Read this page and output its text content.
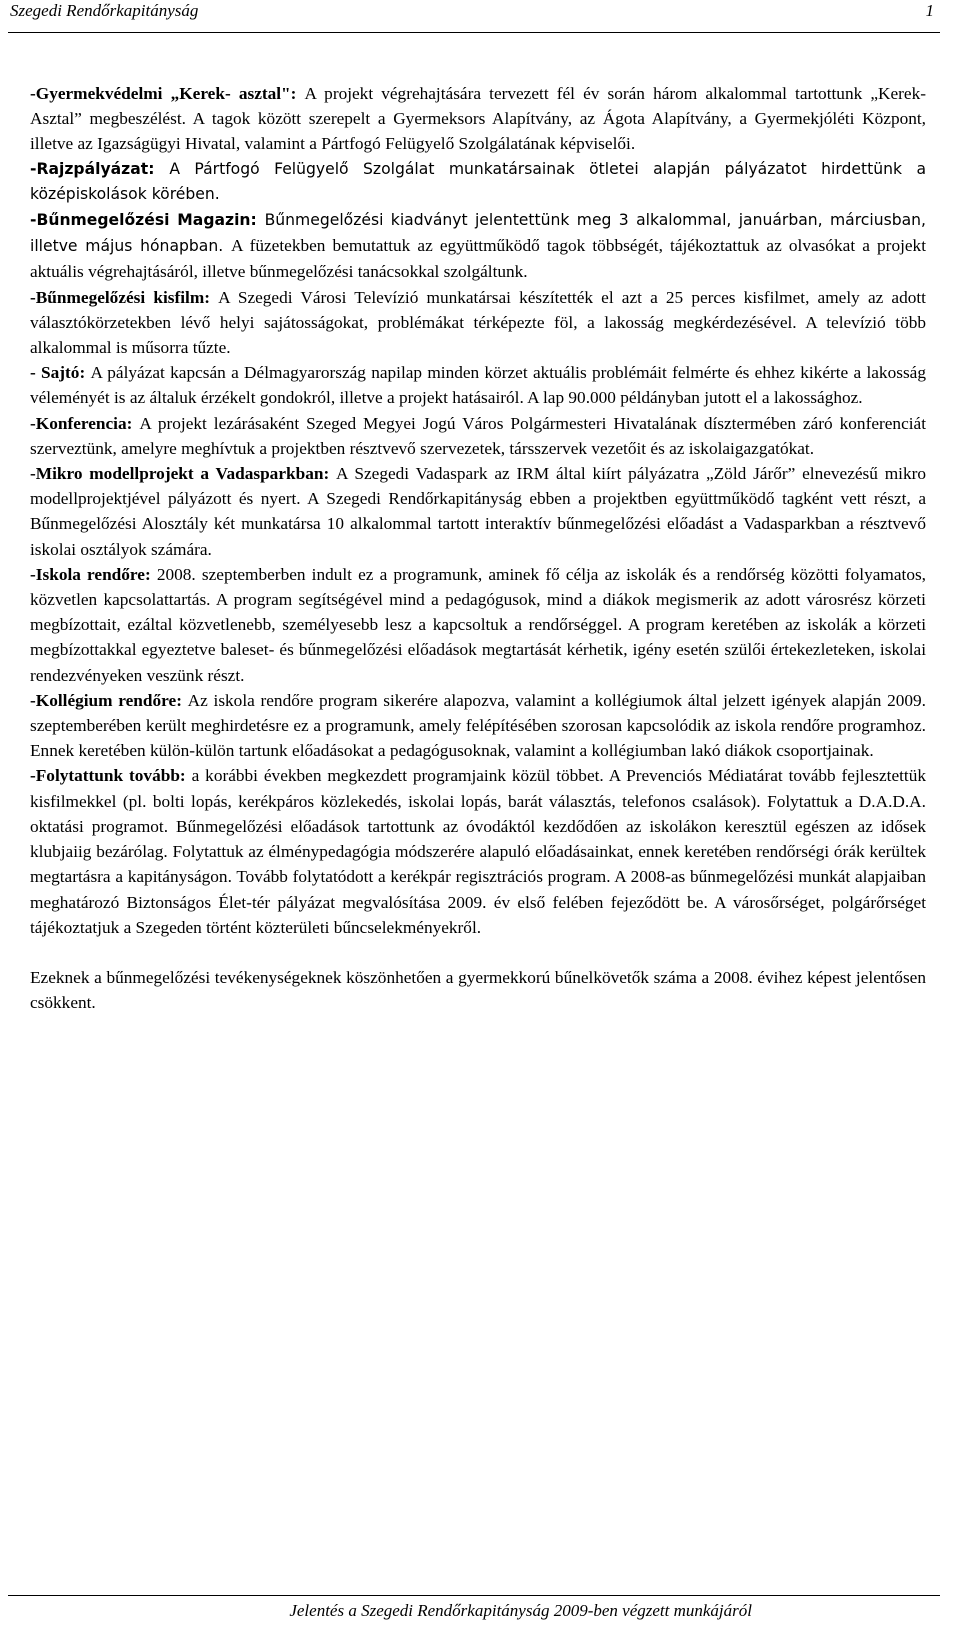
Szegedi Rendőrkapitányság	1

-Gyermekvédelmi „Kerek- asztal": A projekt végrehajtására tervezett fél év során három alkalommal tartottunk „Kerek- Asztal” megbeszélést. A tagok között szerepelt a Gyermeksors Alapítvány, az Ágota Alapítvány, a Gyermekjóléti Központ, illetve az Igazságügyi Hivatal, valamint a Pártfogó Felügyelő Szolgálatának képviselői.

-Rajzpályázat: A Pártfogó Felügyelő Szolgálat munkatársainak ötletei alapján pályázatot hirdettünk a középiskolások körében.

-Bűnmegelőzési Magazin: Bűnmegelőzési kiadványt jelentettünk meg 3 alkalommal, januárban, márciusban, illetve május hónapban. A füzetekben bemutattuk az együttműködő tagok többségét, tájékoztattuk az olvasókat a projekt aktuális végrehajtásáról, illetve bűnmegelőzési tanácsokkal szolgáltunk.

-Bűnmegelőzési kisfilm: A Szegedi Városi Televízió munkatársai készítették el azt a 25 perces kisfilmet, amely az adott választókörzetekben lévő helyi sajátosságokat, problémákat térképezte föl, a lakosság megkérdezésével. A televízió több alkalommal is műsorra tűzte.

- Sajtó: A pályázat kapcsán a Délmagyarország napilap minden körzet aktuális problémáit felmérte és ehhez kikérte a lakosság véleményét is az általuk érzékelt gondokról, illetve a projekt hatásairól. A lap 90.000 példányban jutott el a lakossághoz.

-Konferencia: A projekt lezárásaként Szeged Megyei Jogú Város Polgármesteri Hivatalának dísztermében záró konferenciát szerveztünk, amelyre meghívtuk a projektben résztvevő szervezetek, társszervek vezetőit és az iskolaigazgatókat.

-Mikro modellprojekt a Vadasparkban: A Szegedi Vadaspark az IRM által kiírt pályázatra „Zöld Járőr” elnevezésű mikro modellprojektjével pályázott és nyert. A Szegedi Rendőrkapitányság ebben a projektben együttműködő tagként vett részt, a Bűnmegelőzési Alosztály két munkatársa 10 alkalommal tartott interaktív bűnmegelőzési előadást a Vadasparkban a résztvevő iskolai osztályok számára.

-Iskola rendőre: 2008. szeptemberben indult ez a programunk, aminek fő célja az iskolák és a rendőrség közötti folyamatos, közvetlen kapcsolattartás. A program segítségével mind a pedagógusok, mind a diákok megismerik az adott városrész körzeti megbízottait, ezáltal közvetlenebb, személyesebb lesz a kapcsoltuk a rendőrséggel. A program keretében az iskolák a körzeti megbízottakkal egyeztetve baleset- és bűnmegelőzési előadások megtartását kérhetik, igény esetén szülői értekezleteken, iskolai rendezvényeken veszünk részt.

-Kollégium rendőre: Az iskola rendőre program sikerére alapozva, valamint a kollégiumok által jelzett igények alapján 2009. szeptemberében került meghirdetésre ez a programunk, amely felépítésében szorosan kapcsolódik az iskola rendőre programhoz. Ennek keretében külön-külön tartunk előadásokat a pedagógusoknak, valamint a kollégiumban lakó diákok csoportjainak.

-Folytattunk tovább: a korábbi években megkezdett programjaink közül többet. A Prevenciós Médiatárat tovább fejlesztettük kisfilmekkel (pl. bolti lopás, kerékpáros közlekedés, iskolai lopás, barát választás, telefonos csalások). Folytattuk a D.A.D.A. oktatási programot. Bűnmegelőzési előadások tartottunk az óvodáktól kezdődően az iskolákon keresztül egészen az idősek klubjaiig bezárólag. Folytattuk az élménypedagógia módszerére alapuló előadásainkat, ennek keretében rendőrségi órák kerültek megtartásra a kapitányságon. Tovább folytatódott a kerékpár regisztrációs program. A 2008-as bűnmegelőzési munkát alapjaiban meghatározó Biztonságos Élet-tér pályázat megvalósítása 2009. év első felében fejeződött be. A városőrséget, polgárőrséget tájékoztatjuk a Szegeden történt közterületi bűncselekményekről.

Ezeknek a bűnmegelőzési tevékenységeknek köszönhetően a gyermekkorú bűnelkövetők száma a 2008. évihez képest jelentősen csökkent.

Jelentés a Szegedi Rendőrkapitányság 2009-ben végzett munkájáról
